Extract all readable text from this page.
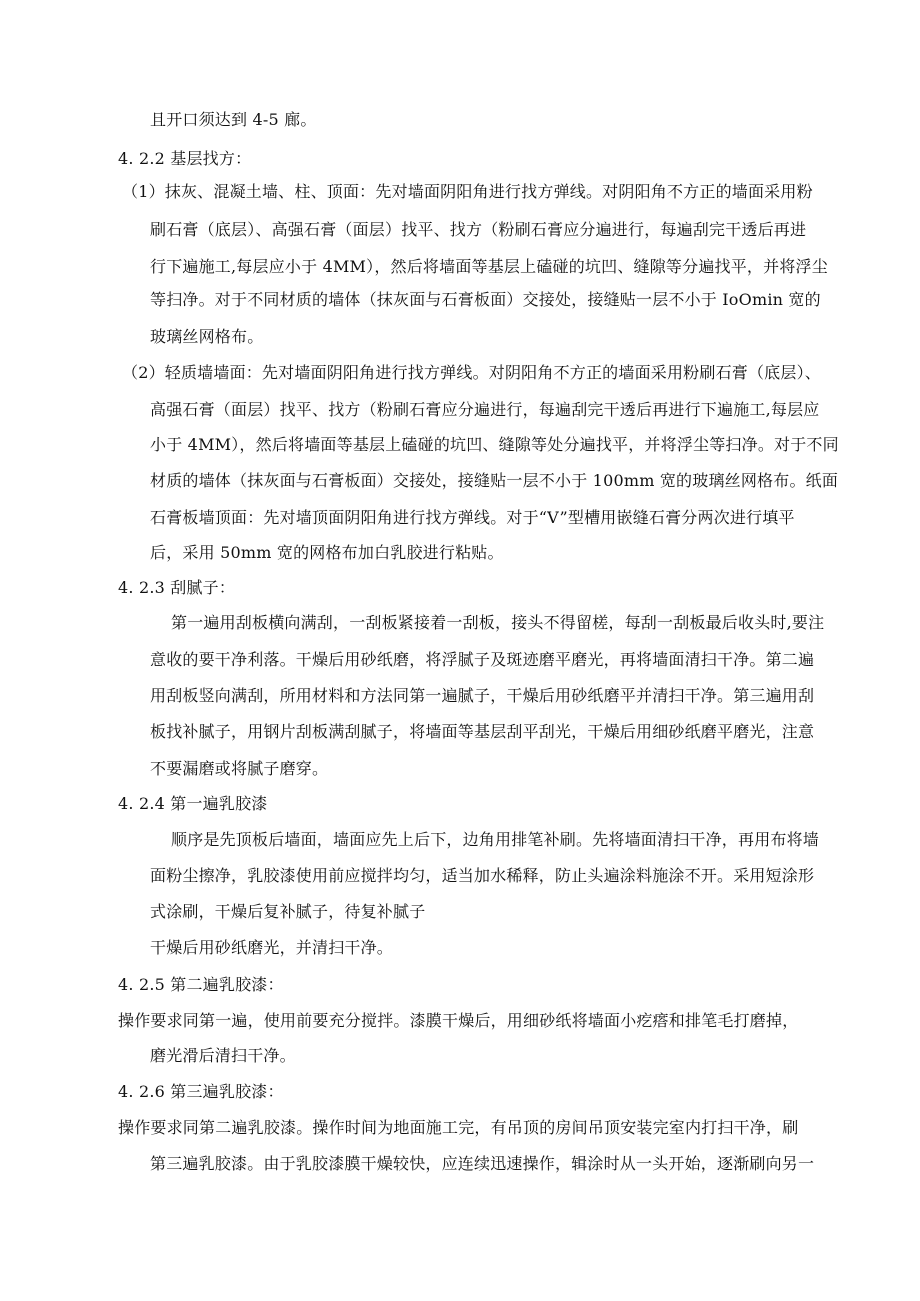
且开口须达到 4-5 廊。
4. 2.2 基层找方：
（1）抹灰、混凝土墙、柱、顶面：先对墙面阴阳角进行找方弹线。对阴阳角不方正的墙面采用粉
刷石膏（底层）、高强石膏（面层）找平、找方（粉刷石膏应分遍进行，每遍刮完干透后再进
行下遍施工,每层应小于 4MM），然后将墙面等基层上磕碰的坑凹、缝隙等分遍找平，并将浮尘
等扫净。对于不同材质的墙体（抹灰面与石膏板面）交接处，接缝贴一层不小于 IoOmin 宽的
玻璃丝网格布。
（2）轻质墙墙面：先对墙面阴阳角进行找方弹线。对阴阳角不方正的墙面采用粉刷石膏（底层）、
高强石膏（面层）找平、找方（粉刷石膏应分遍进行，每遍刮完干透后再进行下遍施工,每层应
小于 4MM），然后将墙面等基层上磕碰的坑凹、缝隙等处分遍找平，并将浮尘等扫净。对于不同
材质的墙体（抹灰面与石膏板面）交接处，接缝贴一层不小于 100mm 宽的玻璃丝网格布。纸面
石膏板墙顶面：先对墙顶面阴阳角进行找方弹线。对于“V”型槽用嵌缝石膏分两次进行填平
后，采用 50mm 宽的网格布加白乳胶进行粘贴。
4. 2.3 刮腻子：
第一遍用刮板横向满刮，一刮板紧接着一刮板，接头不得留槎，每刮一刮板最后收头时,要注
意收的要干净利落。干燥后用砂纸磨，将浮腻子及斑迹磨平磨光，再将墙面清扫干净。第二遍
用刮板竖向满刮，所用材料和方法同第一遍腻子，干燥后用砂纸磨平并清扫干净。第三遍用刮
板找补腻子，用钢片刮板满刮腻子，将墙面等基层刮平刮光，干燥后用细砂纸磨平磨光，注意
不要漏磨或将腻子磨穿。
4. 2.4 第一遍乳胶漆
顺序是先顶板后墙面，墙面应先上后下，边角用排笔补刷。先将墙面清扫干净，再用布将墙
面粉尘擦净，乳胶漆使用前应搅拌均匀，适当加水稀释，防止头遍涂料施涂不开。采用短涂形
式涂刷，干燥后复补腻子，待复补腻子
干燥后用砂纸磨光，并清扫干净。
4. 2.5 第二遍乳胶漆：
操作要求同第一遍，使用前要充分搅拌。漆膜干燥后，用细砂纸将墙面小疙瘩和排笔毛打磨掉，
磨光滑后清扫干净。
4. 2.6 第三遍乳胶漆：
操作要求同第二遍乳胶漆。操作时间为地面施工完，有吊顶的房间吊顶安装完室内打扫干净，刷
第三遍乳胶漆。由于乳胶漆膜干燥较快，应连续迅速操作，辑涂时从一头开始，逐渐刷向另一
